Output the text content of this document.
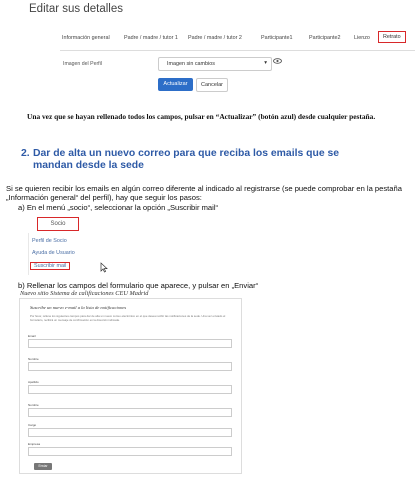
Editar sus detalles
Información general	Padre / madre / tutor 1 Padre / madre / tutor 2	Participante1	Participante2	Lienzo	Retrato
Imagen del Perfil	Imagen sin cambios	▾
Actualizar	Cancelar
Una vez que se hayan rellenado todos los campos, pulsar en “Actualizar” (botón azul) desde cualquier pestaña.
2. Dar de alta un nuevo correo para que reciba los emails que se
mandan desde la sede
Si se quieren recibir los emails en algún correo diferente al indicado al registrarse (se puede comprobar en la pestaña „Información general“ del perfil), hay que seguir los pasos:
a) En el menú „socio“, seleccionar la opción „Suscribir mail“
Socio
Perfil de Socio
Ayuda de Usuario
Suscribir mail
b) Rellenar los campos del formulario que aparece, y pulsar en „Enviar“
Nuevo sitio Sistema de calificaciones CEU Madrid
Suscribe un nuevo e-mail a la lista de notificaciones
Por favor, rellene los siguientes campos para dar de alta un nuevo correo electrónico en el que desea recibir las notificaciones de la sede. Una vez enviado el formulario, recibirá un mensaje de confirmación en la dirección indicada.
Email
Nombre
Apellido
Nombre
Cargo
Empresa
Enviar
